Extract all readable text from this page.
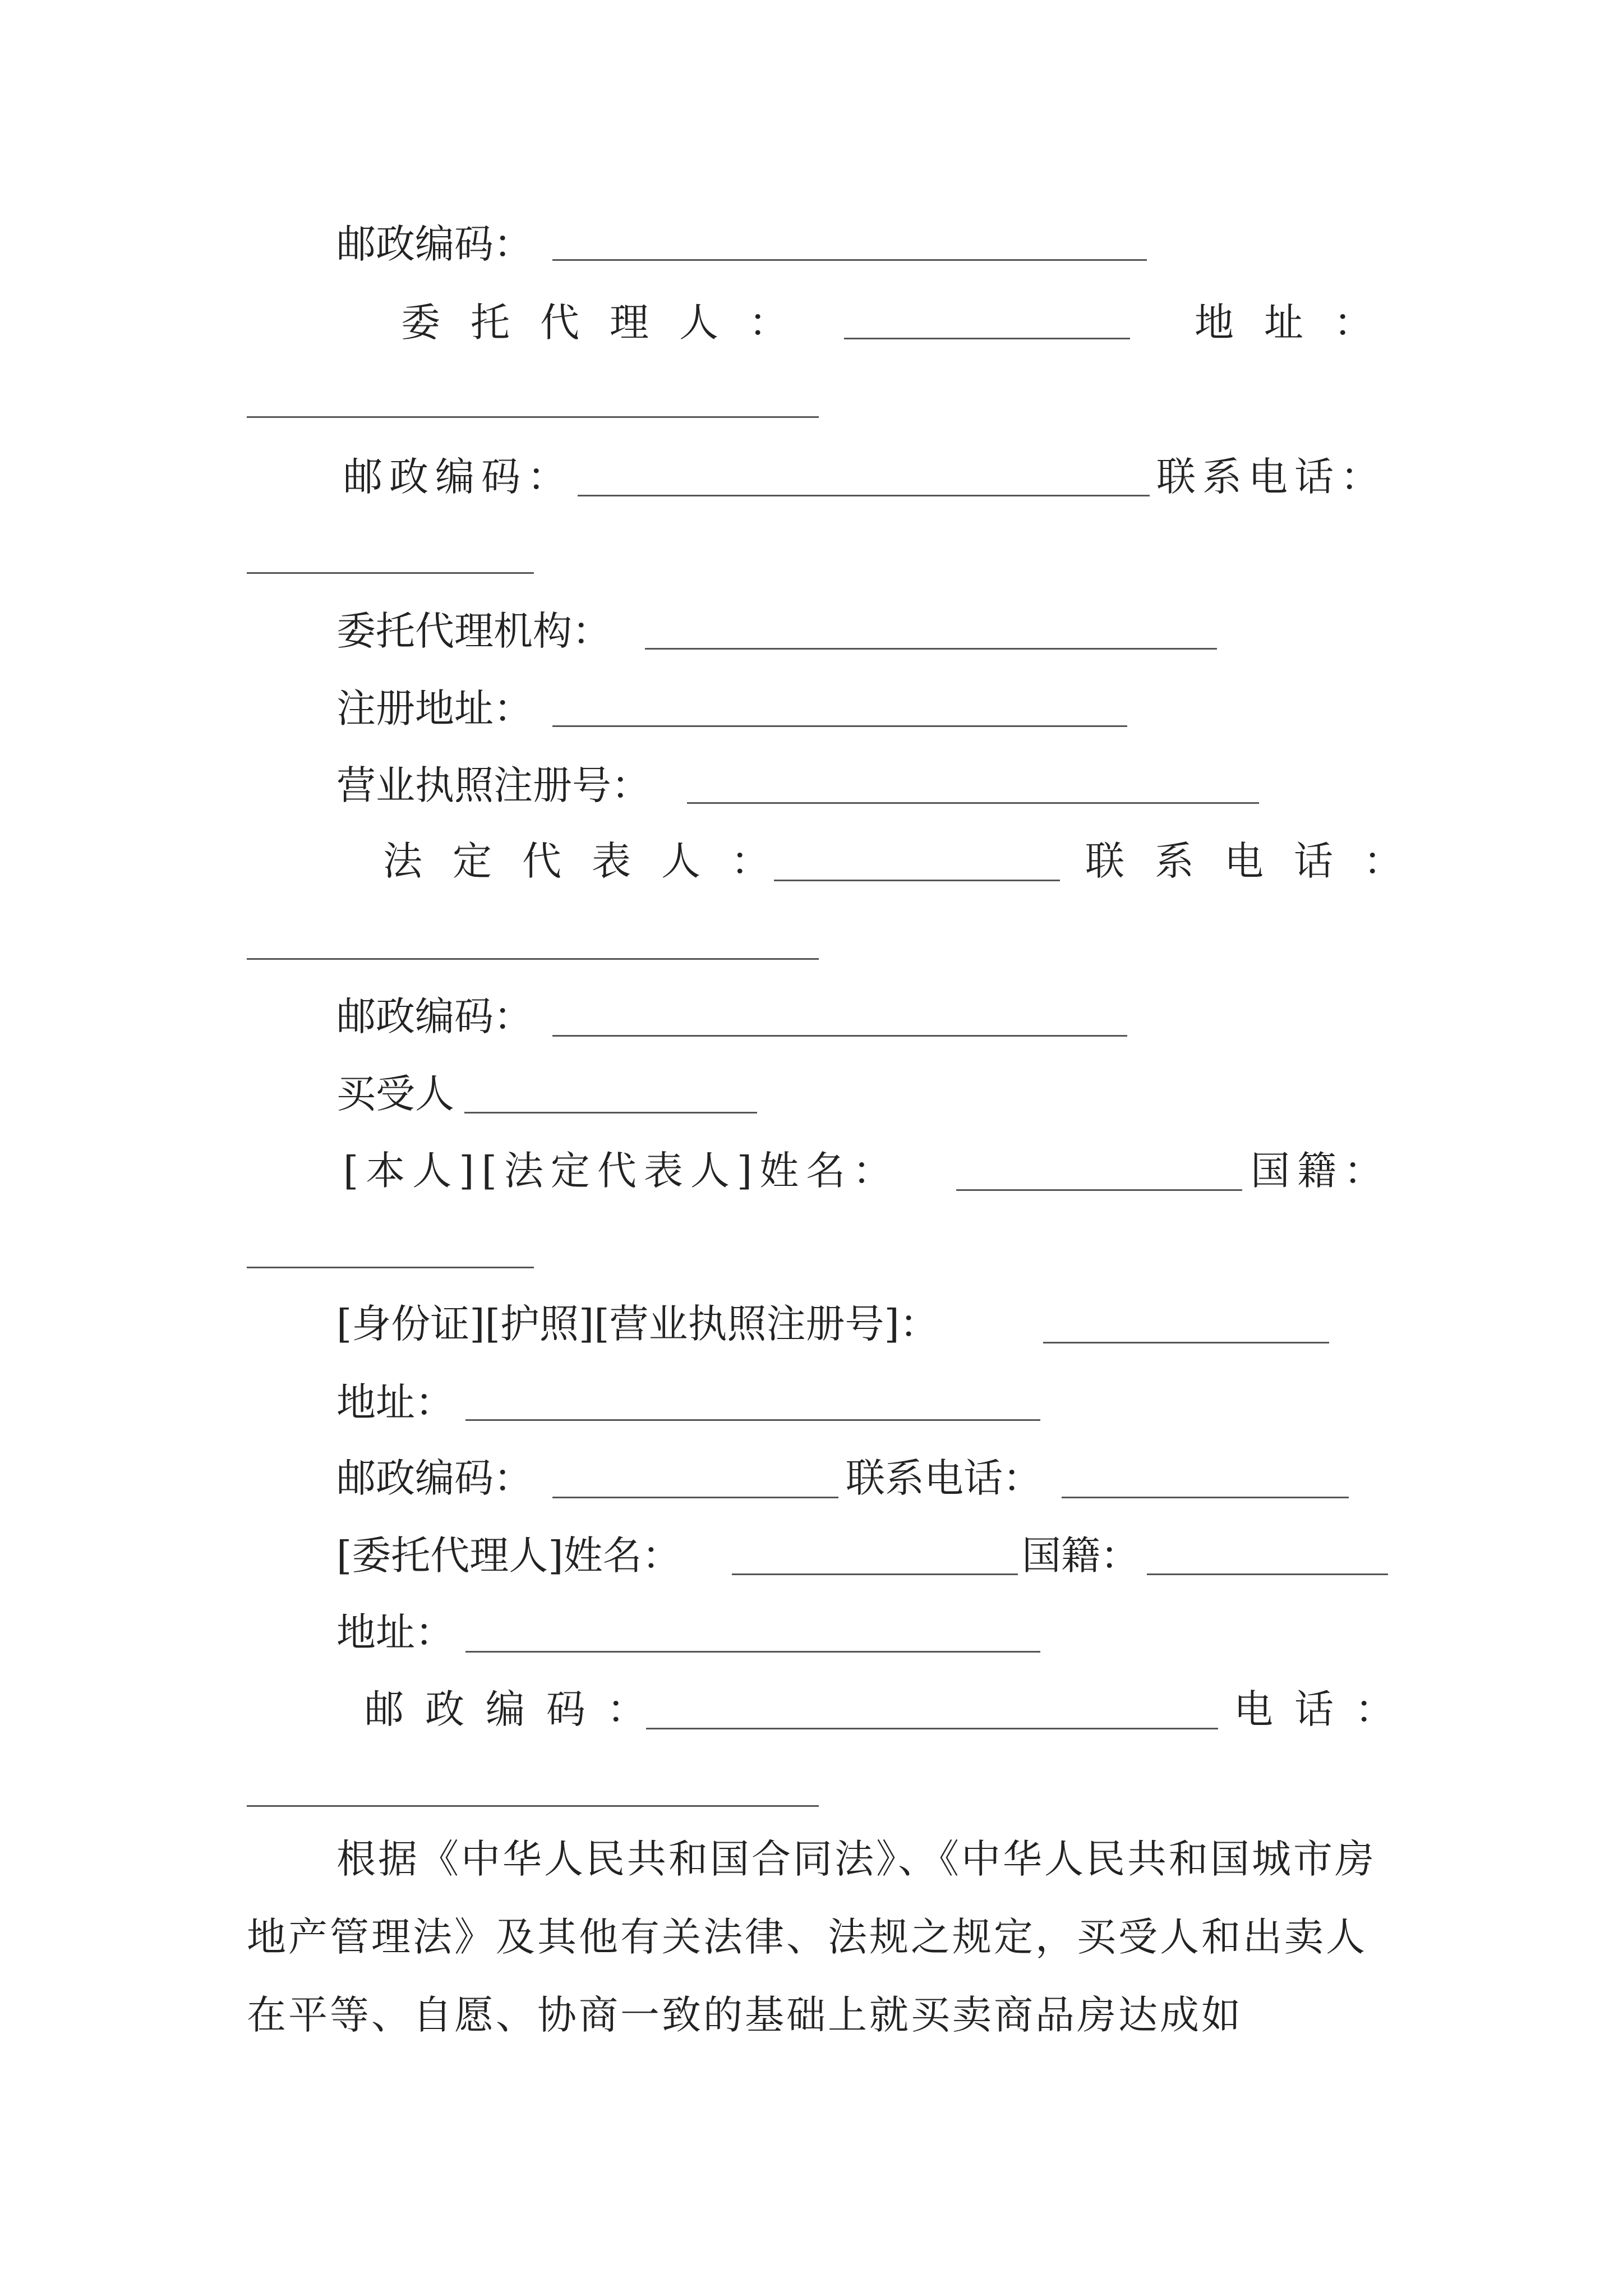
邮政编码：
委托代理人：	地址：
邮政编码：	联系电话：
委托代理机构：
注册地址：
营业执照注册号：
法定代表人：	联系电话：
邮政编码：
买受人
[本人][法定代表人]姓名：	国籍：
[身份证][护照][营业执照注册号]：
地址：
邮政编码：	联系电话：
[委托代理人]姓名：	国籍：
地址：
邮政编码：	电话：

根据《中华人民共和国合同法》、《中华人民共和国城市房地产管理法》及其他有关法律、法规之规定，买受人和出卖人在平等、自愿、协商一致的基础上就买卖商品房达成如
